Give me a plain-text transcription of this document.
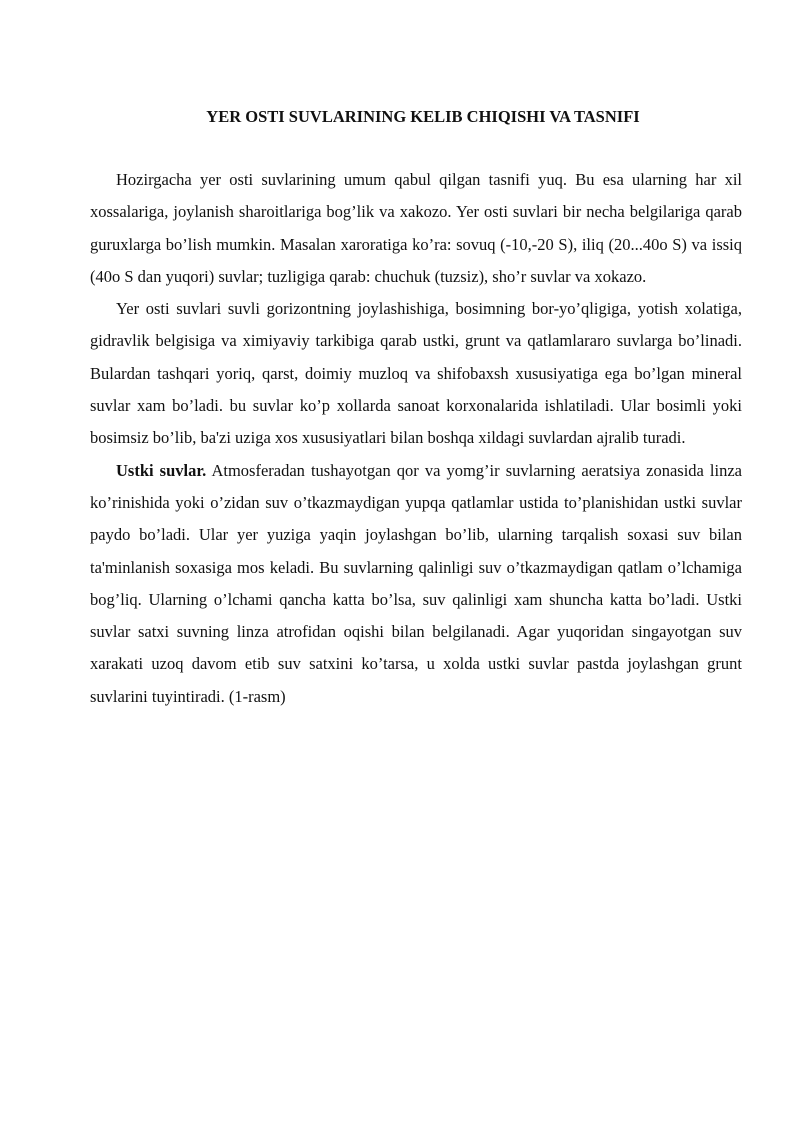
YER OSTI SUVLARINING KELIB CHIQISHI VA TASNIFI

Hozirgacha yer osti suvlarining umum qabul qilgan tasnifi yuq. Bu esa ularning har xil xossalariga, joylanish sharoitlariga bog’lik va xakozo. Yer osti suvlari bir necha belgilariga qarab guruxlarga bo’lish mumkin. Masalan xaroratiga ko’ra: sovuq (-10,-20 S), iliq (20...40o S) va issiq (40o S dan yuqori) suvlar; tuzligiga qarab: chuchuk (tuzsiz), sho’r suvlar va xokazo.

Yer osti suvlari suvli gorizontning joylashishiga, bosimning bor-yo’qligiga, yotish xolatiga, gidravlik belgisiga va ximiyaviy tarkibiga qarab ustki, grunt va qatlamlararo suvlarga bo’linadi. Bulardan tashqari yoriq, qarst, doimiy muzloq va shifobaxsh xususiyatiga ega bo’lgan mineral suvlar xam bo’ladi. bu suvlar ko’p xollarda sanoat korxonalarida ishlatiladi. Ular bosimli yoki bosimsiz bo’lib, ba'zi uziga xos xususiyatlari bilan boshqa xildagi suvlardan ajralib turadi.

Ustki suvlar. Atmosferadan tushayotgan qor va yomg’ir suvlarning aeratsiya zonasida linza ko’rinishida yoki o’zidan suv o’tkazmaydigan yupqa qatlamlar ustida to’planishidan ustki suvlar paydo bo’ladi. Ular yer yuziga yaqin joylashgan bo’lib, ularning tarqalish soxasi suv bilan ta'minlanish soxasiga mos keladi. Bu suvlarning qalinligi suv o’tkazmaydigan qatlam o’lchamiga bog’liq. Ularning o’lchami qancha katta bo’lsa, suv qalinligi xam shuncha katta bo’ladi. Ustki suvlar satxi suvning linza atrofidan oqishi bilan belgilanadi. Agar yuqoridan singayotgan suv xarakati uzoq davom etib suv satxini ko’tarsa, u xolda ustki suvlar pastda joylashgan grunt suvlarini tuyintiradi. (1-rasm)
